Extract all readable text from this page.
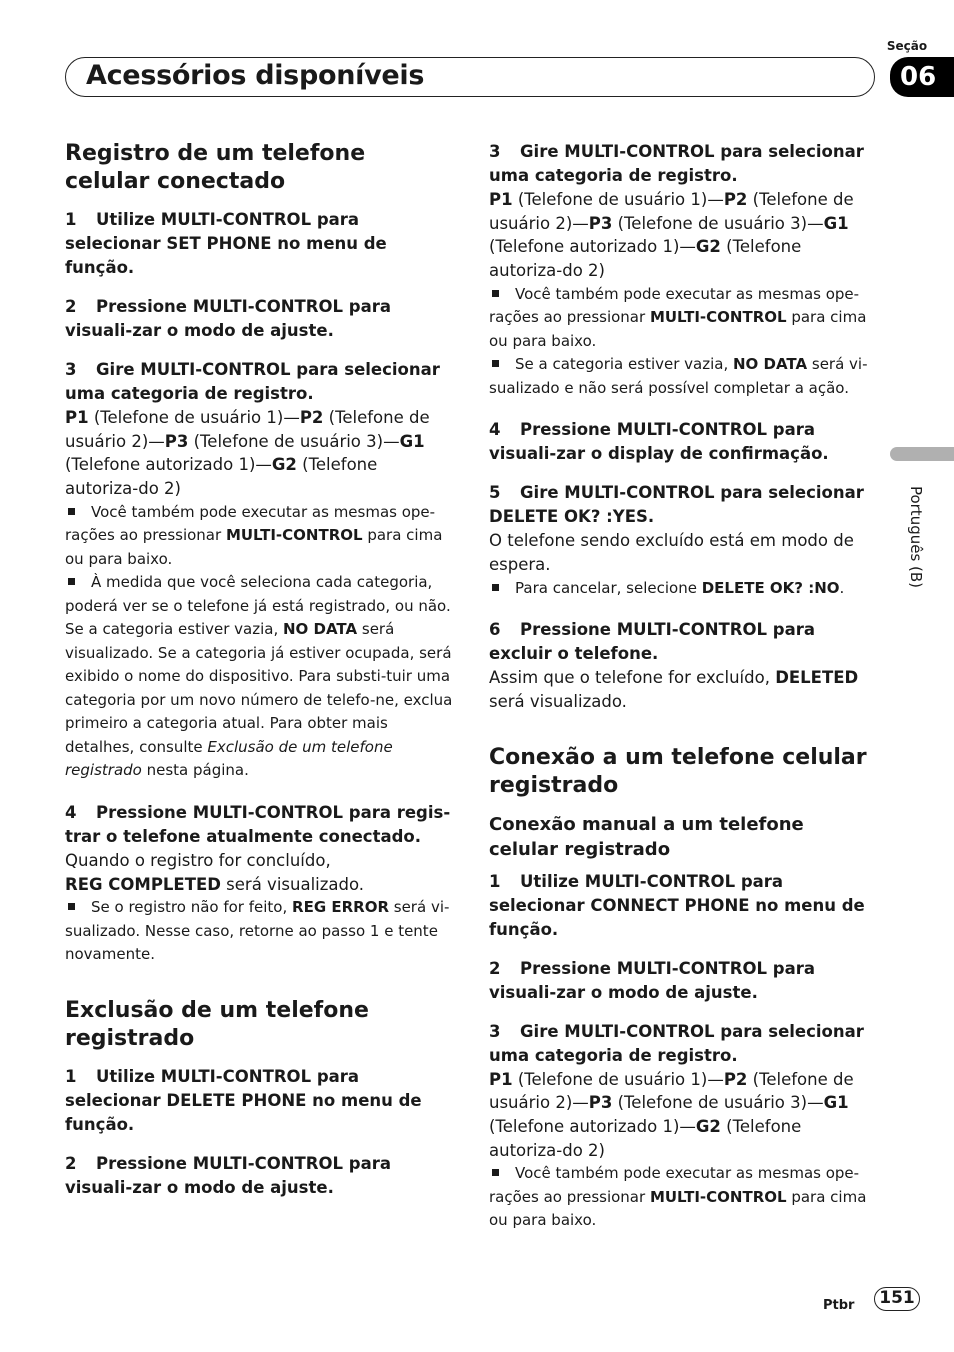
Seção
Acessórios disponíveis	06
Português (B)
Registro de um telefone celular conectado
1 Utilize MULTI-CONTROL para selecionar SET PHONE no menu de função.
2 Pressione MULTI-CONTROL para visuali-zar o modo de ajuste.
3 Gire MULTI-CONTROL para selecionar uma categoria de registro.
P1 (Telefone de usuário 1)—P2 (Telefone de usuário 2)—P3 (Telefone de usuário 3)—G1 (Telefone autorizado 1)—G2 (Telefone autoriza-do 2)
Você também pode executar as mesmas ope-rações ao pressionar MULTI-CONTROL para cima ou para baixo.
À medida que você seleciona cada categoria, poderá ver se o telefone já está registrado, ou não. Se a categoria estiver vazia, NO DATA será visualizado. Se a categoria já estiver ocupada, será exibido o nome do dispositivo. Para substi-tuir uma categoria por um novo número de telefo-ne, exclua primeiro a categoria atual. Para obter mais detalhes, consulte Exclusão de um telefone registrado nesta página.
4 Pressione MULTI-CONTROL para regis-trar o telefone atualmente conectado.
Quando o registro for concluído,
REG COMPLETED será visualizado.
Se o registro não for feito, REG ERROR será vi-sualizado. Nesse caso, retorne ao passo 1 e tente novamente.
Exclusão de um telefone registrado
1 Utilize MULTI-CONTROL para selecionar DELETE PHONE no menu de função.
2 Pressione MULTI-CONTROL para visuali-zar o modo de ajuste.
3 Gire MULTI-CONTROL para selecionar uma categoria de registro.
P1 (Telefone de usuário 1)—P2 (Telefone de usuário 2)—P3 (Telefone de usuário 3)—G1 (Telefone autorizado 1)—G2 (Telefone autoriza-do 2)
Você também pode executar as mesmas ope-rações ao pressionar MULTI-CONTROL para cima ou para baixo.
Se a categoria estiver vazia, NO DATA será vi-sualizado e não será possível completar a ação.
4 Pressione MULTI-CONTROL para visuali-zar o display de confirmação.
5 Gire MULTI-CONTROL para selecionar DELETE OK? :YES.
O telefone sendo excluído está em modo de espera.
Para cancelar, selecione DELETE OK? :NO.
6 Pressione MULTI-CONTROL para excluir o telefone.
Assim que o telefone for excluído, DELETED será visualizado.
Conexão a um telefone celular registrado
Conexão manual a um telefone celular registrado
1 Utilize MULTI-CONTROL para selecionar CONNECT PHONE no menu de função.
2 Pressione MULTI-CONTROL para visuali-zar o modo de ajuste.
3 Gire MULTI-CONTROL para selecionar uma categoria de registro.
P1 (Telefone de usuário 1)—P2 (Telefone de usuário 2)—P3 (Telefone de usuário 3)—G1 (Telefone autorizado 1)—G2 (Telefone autoriza-do 2)
Você também pode executar as mesmas ope-rações ao pressionar MULTI-CONTROL para cima ou para baixo.
Ptbr	151
